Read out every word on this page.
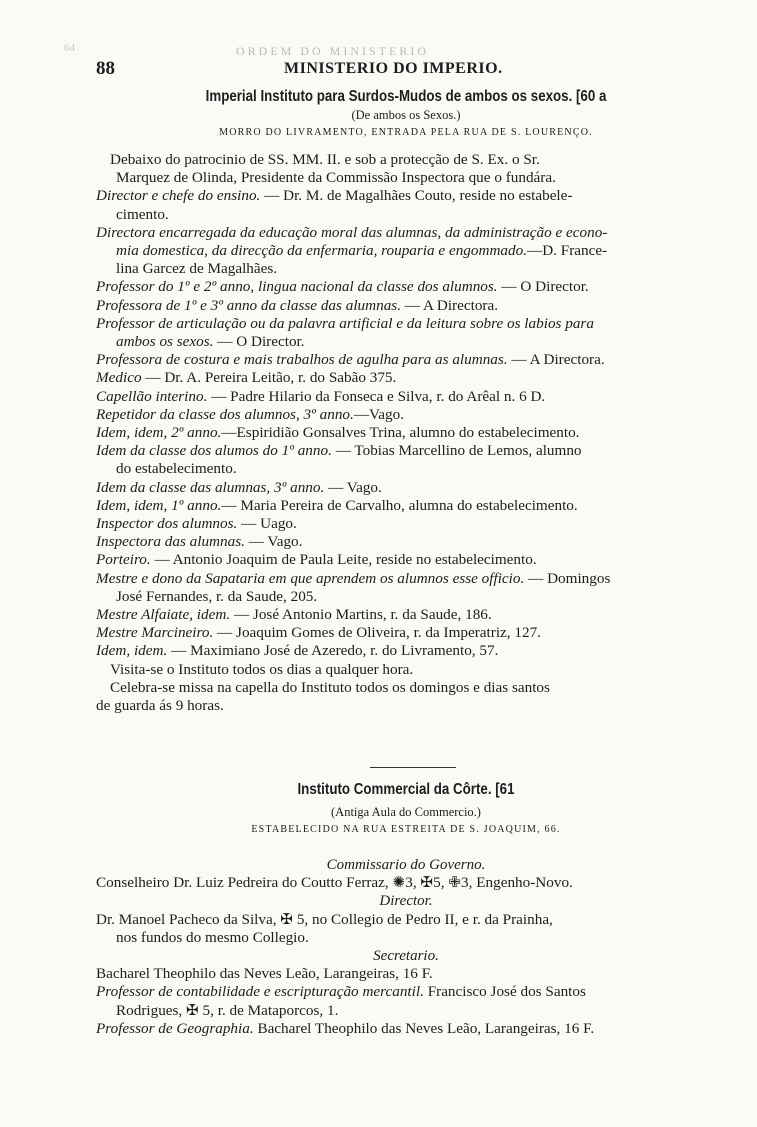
64	ORDEM DO MINISTERIO
88	MINISTERIO DO IMPERIO.
Imperial Instituto para Surdos-Mudos de ambos os sexos. [60 a
(De ambos os Sexos.)
MORRO DO LIVRAMENTO, ENTRADA PELA RUA DE S. LOURENÇO.
Debaixo do patrocinio de SS. MM. II. e sob a protecção de S. Ex. o Sr.
Marquez de Olinda, Presidente da Commissão Inspectora que o fundára.
Director e chefe do ensino. — Dr. M. de Magalhães Couto, reside no estabele-
cimento.
Directora encarregada da educação moral das alumnas, da administração e econo-
mia domestica, da direcção da enfermaria, rouparia e engommado.—D. France-
lina Garcez de Magalhães.
Professor do 1º e 2º anno, lingua nacional da classe dos alumnos. — O Director.
Professora de 1º e 3º anno da classe das alumnas. — A Directora.
Professor de articulação ou da palavra artificial e da leitura sobre os labios para
ambos os sexos. — O Director.
Professora de costura e mais trabalhos de agulha para as alumnas. — A Directora.
Medico — Dr. A. Pereira Leitão, r. do Sabão 375.
Capellão interino. — Padre Hilario da Fonseca e Silva, r. do Arêal n. 6 D.
Repetidor da classe dos alumnos, 3º anno.—Vago.
Idem, idem, 2º anno.—Espiridião Gonsalves Trina, alumno do estabelecimento.
Idem da classe dos alumos do 1º anno. — Tobias Marcellino de Lemos, alumno
do estabelecimento.
Idem da classe das alumnas, 3º anno. — Vago.
Idem, idem, 1º anno.— Maria Pereira de Carvalho, alumna do estabelecimento.
Inspector dos alumnos. — Uago.
Inspectora das alumnas. — Vago.
Porteiro. — Antonio Joaquim de Paula Leite, reside no estabelecimento.
Mestre e dono da Sapataria em que aprendem os alumnos esse officio. — Domingos
José Fernandes, r. da Saude, 205.
Mestre Alfaiate, idem. — José Antonio Martins, r. da Saude, 186.
Mestre Marcineiro. — Joaquim Gomes de Oliveira, r. da Imperatriz, 127.
Idem, idem. — Maximiano José de Azeredo, r. do Livramento, 57.
Visita-se o Instituto todos os dias a qualquer hora.
Celebra-se missa na capella do Instituto todos os domingos e dias santos
de guarda ás 9 horas.
Instituto Commercial da Côrte. [61
(Antiga Aula do Commercio.)
ESTABELECIDO NA RUA ESTREITA DE S. JOAQUIM, 66.
Commissario do Governo.
Conselheiro Dr. Luiz Pedreira do Coutto Ferraz, ✺3, ✠5, ✙3, Engenho-Novo.
Director.
Dr. Manoel Pacheco da Silva, ✠ 5, no Collegio de Pedro II, e r. da Prainha,
nos fundos do mesmo Collegio.
Secretario.
Bacharel Theophilo das Neves Leão, Larangeiras, 16 F.
Professor de contabilidade e escripturação mercantil. Francisco José dos Santos
Rodrigues, ✠ 5, r. de Mataporcos, 1.
Professor de Geographia. Bacharel Theophilo das Neves Leão, Larangeiras, 16 F.
